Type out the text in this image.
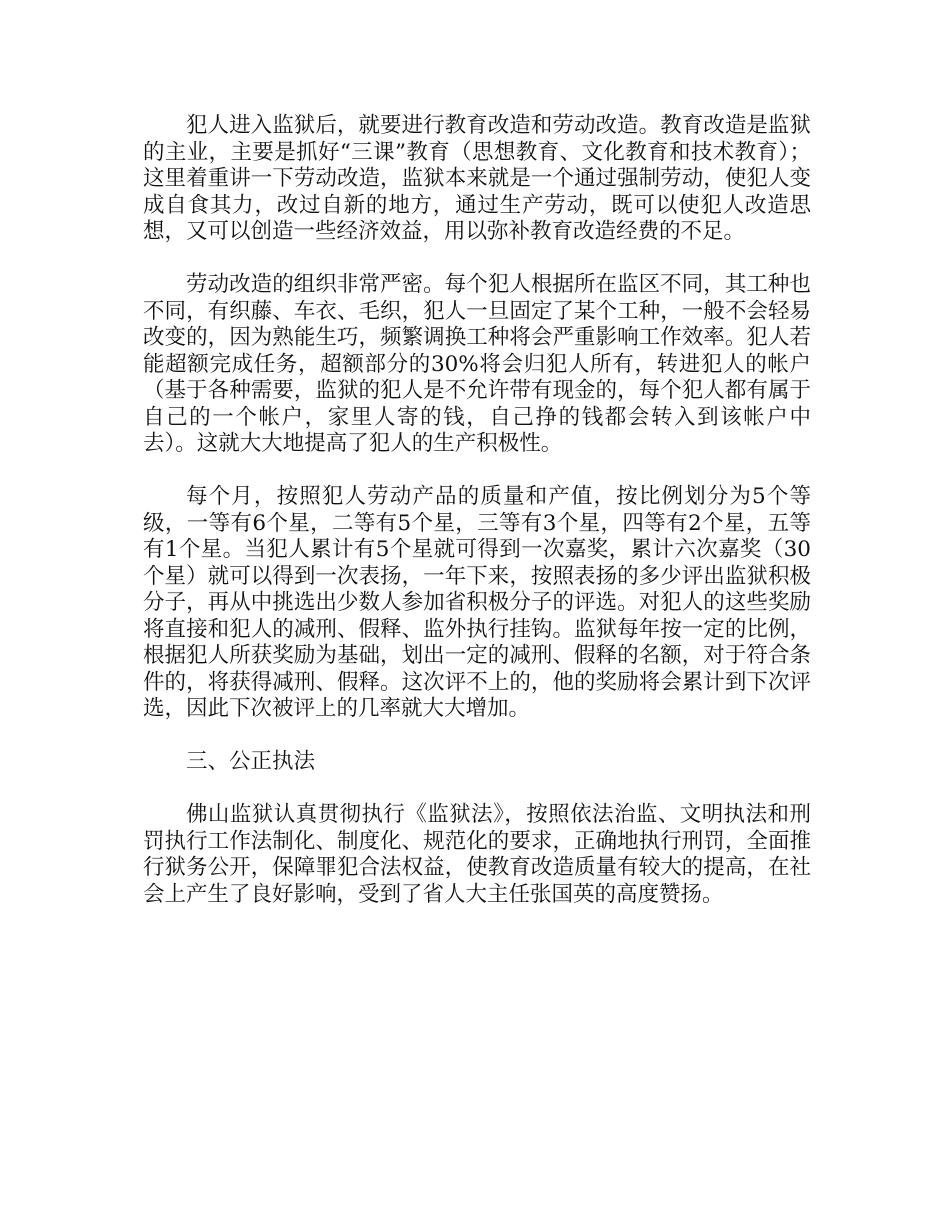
犯人进入监狱后，就要进行教育改造和劳动改造。教育改造是监狱的主业，主要是抓好“三课”教育（思想教育、文化教育和技术教育）；这里着重讲一下劳动改造，监狱本来就是一个通过强制劳动，使犯人变成自食其力，改过自新的地方，通过生产劳动，既可以使犯人改造思想，又可以创造一些经济效益，用以弥补教育改造经费的不足。

劳动改造的组织非常严密。每个犯人根据所在监区不同，其工种也不同，有织藤、车衣、毛织，犯人一旦固定了某个工种，一般不会轻易改变的，因为熟能生巧，频繁调换工种将会严重影响工作效率。犯人若能超额完成任务，超额部分的30%将会归犯人所有，转进犯人的帐户（基于各种需要，监狱的犯人是不允许带有现金的，每个犯人都有属于自己的一个帐户，家里人寄的钱，自己挣的钱都会转入到该帐户中去）。这就大大地提高了犯人的生产积极性。

每个月，按照犯人劳动产品的质量和产值，按比例划分为5个等级，一等有6个星，二等有5个星，三等有3个星，四等有2个星，五等有1个星。当犯人累计有5个星就可得到一次嘉奖，累计六次嘉奖（30个星）就可以得到一次表扬，一年下来，按照表扬的多少评出监狱积极分子，再从中挑选出少数人参加省积极分子的评选。对犯人的这些奖励将直接和犯人的减刑、假释、监外执行挂钩。监狱每年按一定的比例，根据犯人所获奖励为基础，划出一定的减刑、假释的名额，对于符合条件的，将获得减刑、假释。这次评不上的，他的奖励将会累计到下次评选，因此下次被评上的几率就大大增加。

三、公正执法

佛山监狱认真贯彻执行《监狱法》，按照依法治监、文明执法和刑罚执行工作法制化、制度化、规范化的要求，正确地执行刑罚，全面推行狱务公开，保障罪犯合法权益，使教育改造质量有较大的提高，在社会上产生了良好影响，受到了省人大主任张国英的高度赞扬。
